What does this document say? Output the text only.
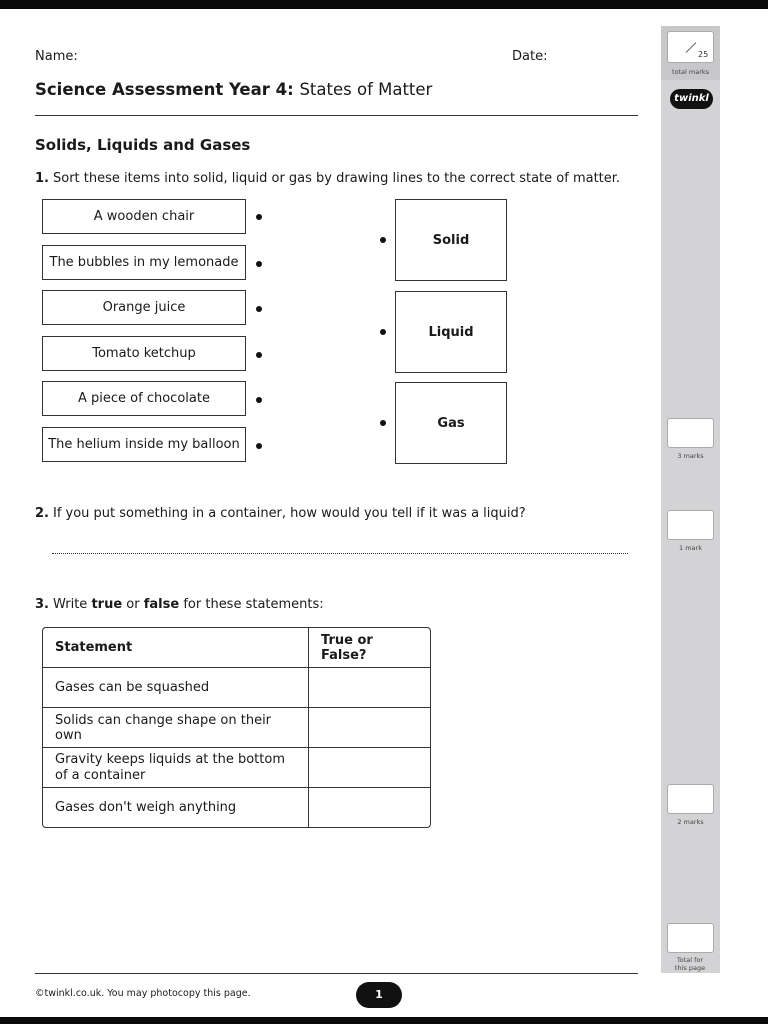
Name:	Date:
Science Assessment Year 4: States of Matter
Solids, Liquids and Gases
1. Sort these items into solid, liquid or gas by drawing lines to the correct state of matter.
A wooden chair
The bubbles in my lemonade
Orange juice
Tomato ketchup
A piece of chocolate
The helium inside my balloon
Solid
Liquid
Gas
2. If you put something in a container, how would you tell if it was a liquid?
3. Write true or false for these statements:
Statement	True or False?
Gases can be squashed	
Solids can change shape on their own	
Gravity keeps liquids at the bottom of a container	
Gases don't weigh anything	
25
total marks
twinkl
3 marks
1 mark
2 marks
Total for this page
©twinkl.co.uk. You may photocopy this page.	1
